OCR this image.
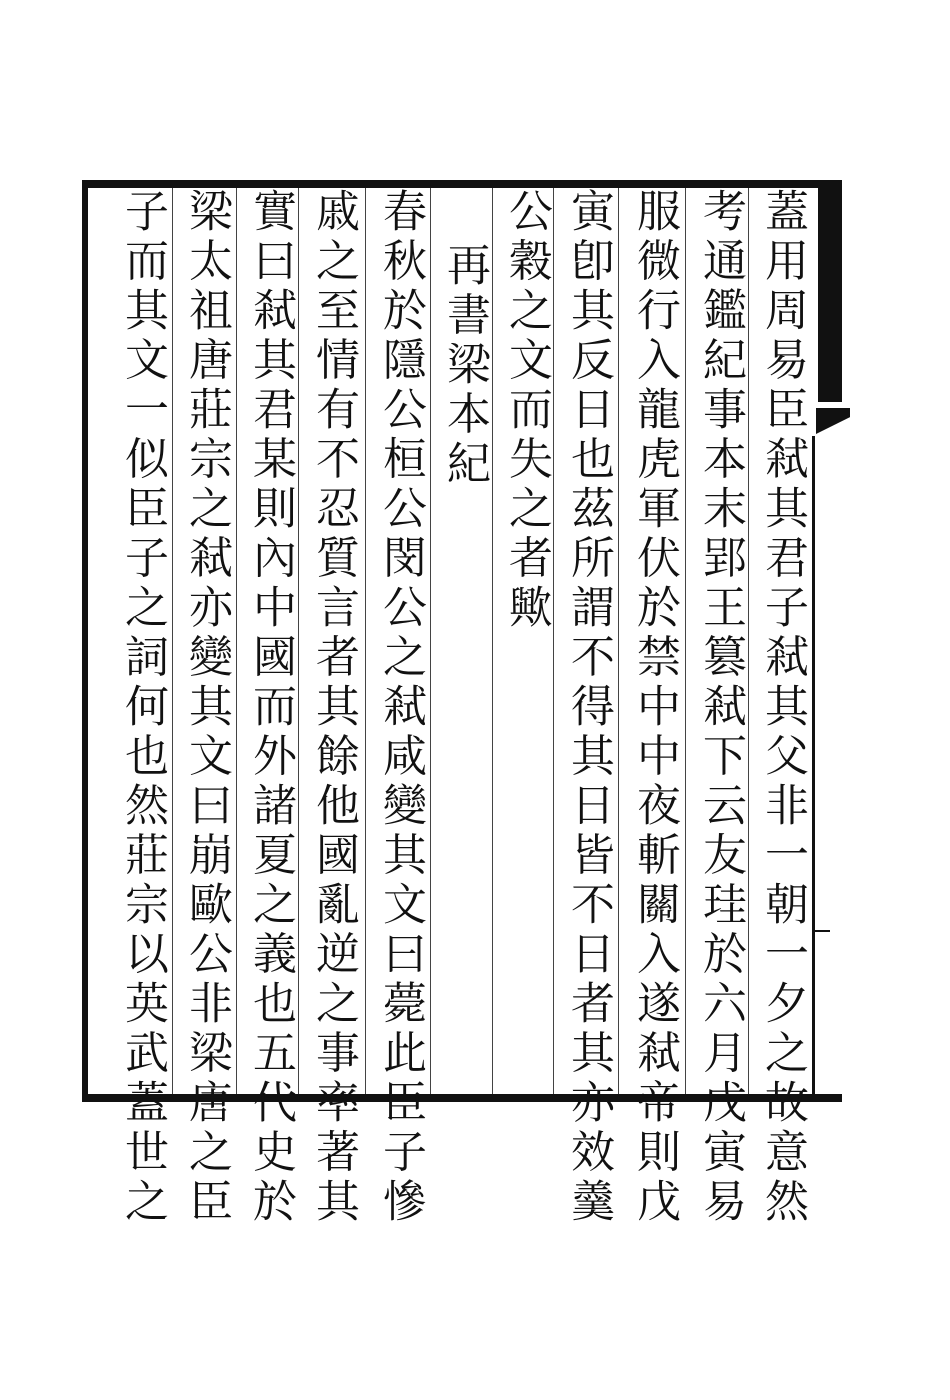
蓋用周易臣弒其君子弒其父非一朝一夕之故意然
考通鑑紀事本末郢王篡弒下云友珪於六月戊寅易
服微行入龍虎軍伏於禁中中夜斬關入遂弒帝則戊
寅卽其反日也茲所謂不得其日皆不日者其亦效羹
公穀之文而失之者歟
再書梁本紀
春秋於隱公桓公閔公之弒咸變其文曰薨此臣子慘
戚之至情有不忍質言者其餘他國亂逆之事率著其
實曰弒其君某則內中國而外諸夏之義也五代史於
梁太祖唐莊宗之弒亦變其文曰崩歐公非梁唐之臣
子而其文一似臣子之詞何也然莊宗以英武蓋世之
